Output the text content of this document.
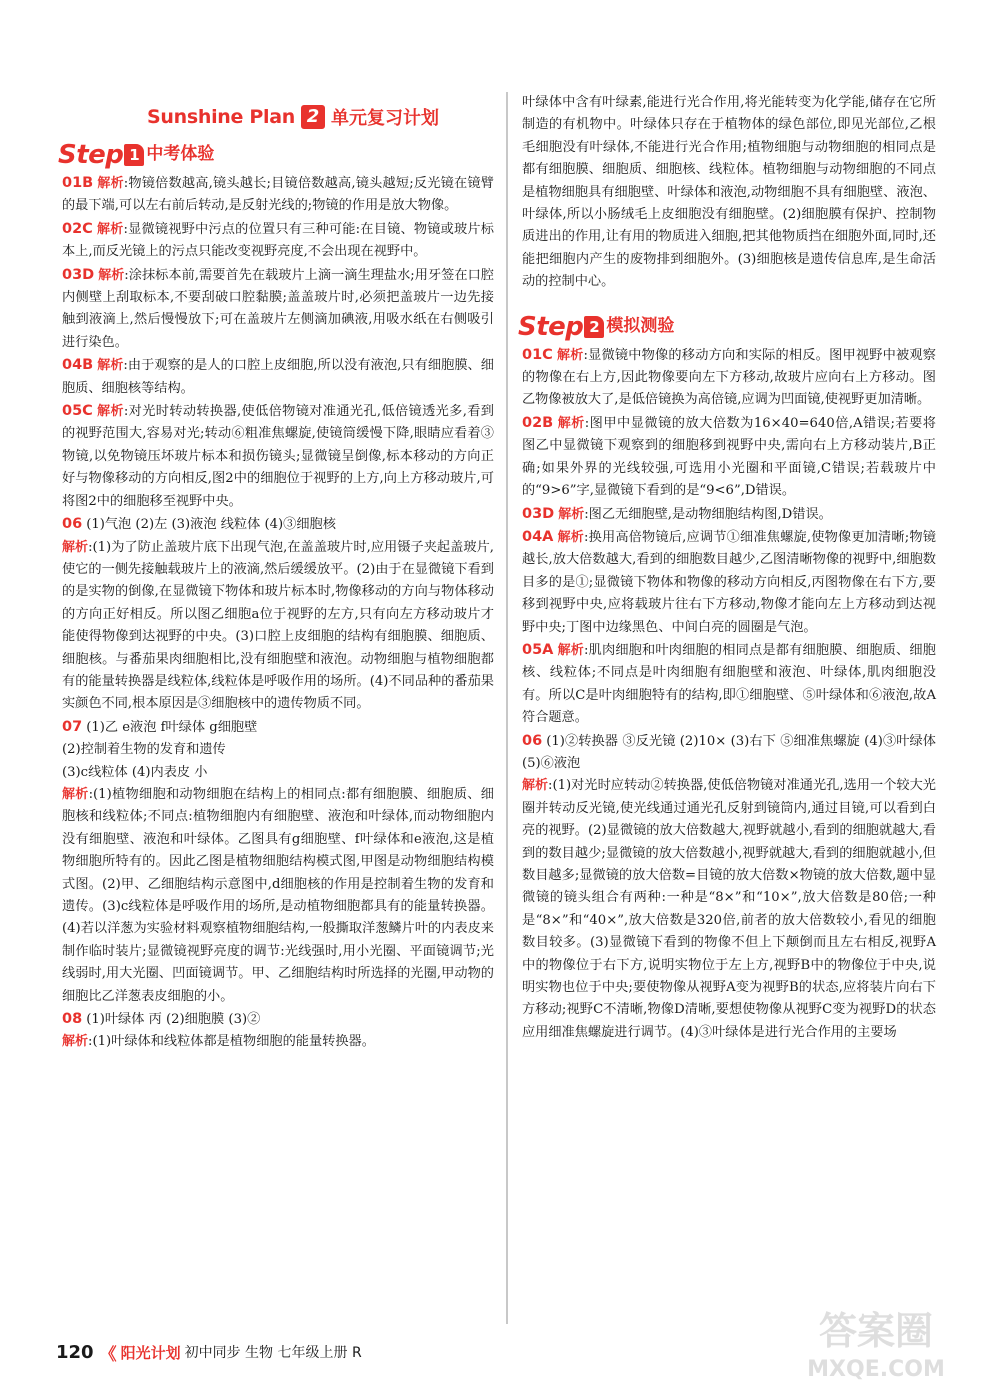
Sunshine Plan 2 单元复习计划
Step 1 中考体验

01B 解析:物镜倍数越高,镜头越长;目镜倍数越高,镜头越短;反光镜在镜臂的最下端,可以左右前后转动,是反射光线的;物镜的作用是放大物像。

02C 解析:显微镜视野中污点的位置只有三种可能:在目镜、物镜或玻片标本上,而反光镜上的污点只能改变视野亮度,不会出现在视野中。

03D 解析:涂抹标本前,需要首先在载玻片上滴一滴生理盐水;用牙签在口腔内侧壁上刮取标本,不要刮破口腔黏膜;盖盖玻片时,必须把盖玻片一边先接触到液滴上,然后慢慢放下;可在盖玻片左侧滴加碘液,用吸水纸在右侧吸引进行染色。

04B 解析:由于观察的是人的口腔上皮细胞,所以没有液泡,只有细胞膜、细胞质、细胞核等结构。

05C 解析:对光时转动转换器,使低倍物镜对准通光孔,低倍镜透光多,看到的视野范围大,容易对光;转动⑥粗准焦螺旋,使镜筒缓慢下降,眼睛应看着③物镜,以免物镜压坏玻片标本和损伤镜头;显微镜呈倒像,标本移动的方向正好与物像移动的方向相反,图2中的细胞位于视野的上方,向上方移动玻片,可将图2中的细胞移至视野中央。

06 (1)气泡 (2)左 (3)液泡 线粒体 (4)③细胞核
解析:(1)为了防止盖玻片底下出现气泡,在盖盖玻片时,应用镊子夹起盖玻片,使它的一侧先接触载玻片上的液滴,然后缓缓放平。(2)由于在显微镜下看到的是实物的倒像,在显微镜下物体和玻片标本时,物像移动的方向与物体移动的方向正好相反。所以图乙细胞a位于视野的左方,只有向左方移动玻片才能使得物像到达视野的中央。(3)口腔上皮细胞的结构有细胞膜、细胞质、细胞核。与番茄果肉细胞相比,没有细胞壁和液泡。动物细胞与植物细胞都有的能量转换器是线粒体,线粒体是呼吸作用的场所。(4)不同品种的番茄果实颜色不同,根本原因是③细胞核中的遗传物质不同。

07 (1)乙 e液泡 f叶绿体 g细胞壁
(2)控制着生物的发育和遗传
(3)c线粒体 (4)内表皮 小
解析:(1)植物细胞和动物细胞在结构上的相同点:都有细胞膜、细胞质、细胞核和线粒体;不同点:植物细胞内有细胞壁、液泡和叶绿体,而动物细胞内没有细胞壁、液泡和叶绿体。乙图具有g细胞壁、f叶绿体和e液泡,这是植物细胞所特有的。因此乙图是植物细胞结构模式图,甲图是动物细胞结构模式图。(2)甲、乙细胞结构示意图中,d细胞核的作用是控制着生物的发育和遗传。(3)c线粒体是呼吸作用的场所,是动植物细胞都具有的能量转换器。(4)若以洋葱为实验材料观察植物细胞结构,一般撕取洋葱鳞片叶的内表皮来制作临时装片;显微镜视野亮度的调节:光线强时,用小光圈、平面镜调节;光线弱时,用大光圈、凹面镜调节。甲、乙细胞结构时所选择的光圈,甲动物的细胞比乙洋葱表皮细胞的小。

08 (1)叶绿体 丙 (2)细胞膜 (3)②
解析:(1)叶绿体和线粒体都是植物细胞的能量转换器。

叶绿体中含有叶绿素,能进行光合作用,将光能转变为化学能,储存在它所制造的有机物中。叶绿体只存在于植物体的绿色部位,即见光部位,乙根毛细胞没有叶绿体,不能进行光合作用;植物细胞与动物细胞的相同点是都有细胞膜、细胞质、细胞核、线粒体。植物细胞与动物细胞的不同点是植物细胞具有细胞壁、叶绿体和液泡,动物细胞不具有细胞壁、液泡、叶绿体,所以小肠绒毛上皮细胞没有细胞壁。(2)细胞膜有保护、控制物质进出的作用,让有用的物质进入细胞,把其他物质挡在细胞外面,同时,还能把细胞内产生的废物排到细胞外。(3)细胞核是遗传信息库,是生命活动的控制中心。

Step 2 模拟测验

01C 解析:显微镜中物像的移动方向和实际的相反。图甲视野中被观察的物像在右上方,因此物像要向左下方移动,故玻片应向右上方移动。图乙物像被放大了,是低倍镜换为高倍镜,应调为凹面镜,使视野更加清晰。

02B 解析:图甲中显微镜的放大倍数为16×40=640倍,A错误;若要将图乙中显微镜下观察到的细胞移到视野中央,需向右上方移动装片,B正确;如果外界的光线较强,可选用小光圈和平面镜,C错误;若载玻片中的“9>6”字,显微镜下看到的是“9<6”,D错误。

03D 解析:图乙无细胞壁,是动物细胞结构图,D错误。

04A 解析:换用高倍物镜后,应调节①细准焦螺旋,使物像更加清晰;物镜越长,放大倍数越大,看到的细胞数目越少,乙图清晰物像的视野中,细胞数目多的是①;显微镜下物体和物像的移动方向相反,丙图物像在右下方,要移到视野中央,应将载玻片往右下方移动,物像才能向左上方移动到达视野中央;丁图中边缘黑色、中间白亮的圆圈是气泡。

05A 解析:肌肉细胞和叶肉细胞的相同点是都有细胞膜、细胞质、细胞核、线粒体;不同点是叶肉细胞有细胞壁和液泡、叶绿体,肌肉细胞没有。所以C是叶肉细胞特有的结构,即①细胞壁、⑤叶绿体和⑥液泡,故A符合题意。

06 (1)②转换器 ③反光镜 (2)10× (3)右下 ⑤细准焦螺旋 (4)③叶绿体 (5)⑥液泡
解析:(1)对光时应转动②转换器,使低倍物镜对准通光孔,选用一个较大光圈并转动反光镜,使光线通过通光孔反射到镜筒内,通过目镜,可以看到白亮的视野。(2)显微镜的放大倍数越大,视野就越小,看到的细胞就越大,看到的数目越少;显微镜的放大倍数越小,视野就越大,看到的细胞就越小,但数目越多;显微镜的放大倍数=目镜的放大倍数×物镜的放大倍数,题中显微镜的镜头组合有两种:一种是“8×”和“10×”,放大倍数是80倍;一种是“8×”和“40×”,放大倍数是320倍,前者的放大倍数较小,看见的细胞数目较多。(3)显微镜下看到的物像不但上下颠倒而且左右相反,视野A中的物像位于右下方,说明实物位于左上方,视野B中的物像位于中央,说明实物也位于中央;要使物像从视野A变为视野B的状态,应将装片向右下方移动;视野C不清晰,物像D清晰,要想使物像从视野C变为视野D的状态应用细准焦螺旋进行调节。(4)③叶绿体是进行光合作用的主要场

120 《 阳光计划 初中同步 生物 七年级上册 R	答案圈
MXQE.COM
